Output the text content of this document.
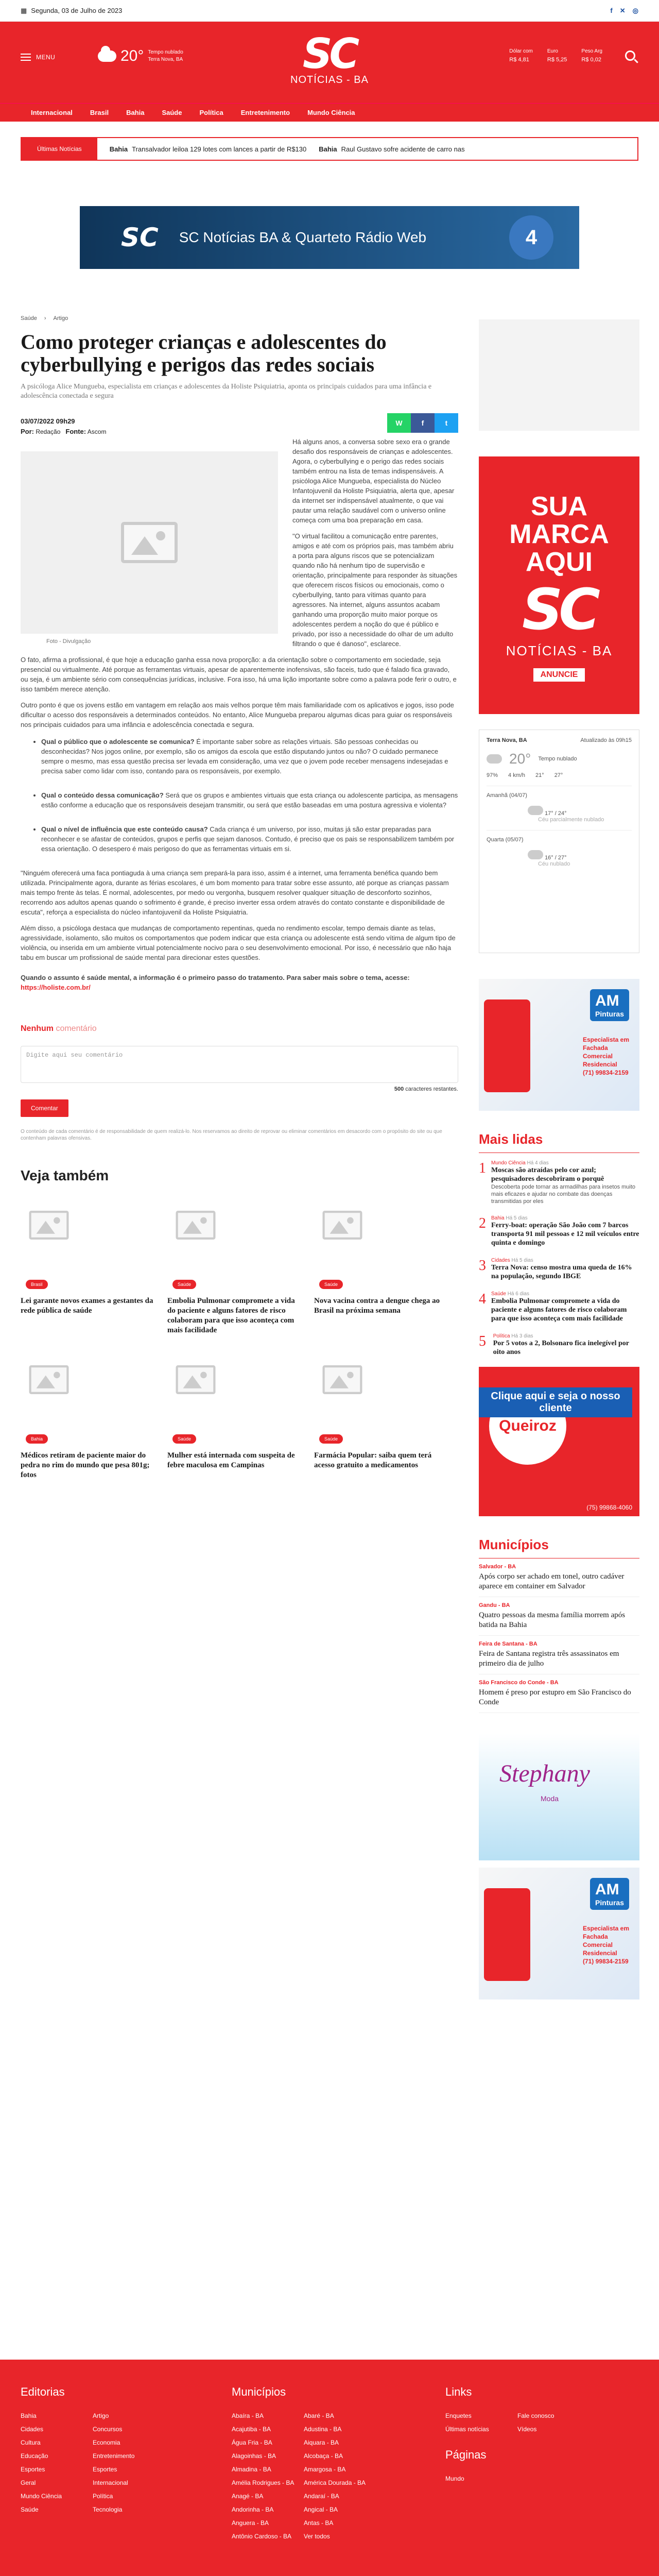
▦ Segunda, 03 de Julho de 2023	f ✕ ◎
MENU	20° Tempo nublado
Terra Nova, BA	SC
NOTÍCIAS - BA
Dólar com
R$ 4,81
Euro
R$ 5,25
Peso Arg
R$ 0,02
Internacional	Brasil	Bahia	Saúde	Política	Entretenimento	Mundo Ciência
Últimas Notícias	Bahia Transalvador leiloa 129 lotes com lances a partir de R$130	Bahia Raul Gustavo sofre acidente de carro nas
SC SC Notícias BA & Quarteto Rádio Web	4
Saúde › Artigo
Como proteger crianças e adolescentes do cyberbullying e perigos das redes sociais

A psicóloga Alice Mungueba, especialista em crianças e adolescentes da Holiste Psiquiatria, aponta os principais cuidados para uma infância e adolescência conectada e segura

03/07/2022 09h29
Por: Redação Fonte: Ascom
W	f	t
Foto - Divulgação

Há alguns anos, a conversa sobre sexo era o grande desafio dos responsáveis de crianças e adolescentes. Agora, o cyberbullying e o perigo das redes sociais também entrou na lista de temas indispensáveis. A psicóloga Alice Mungueba, especialista do Núcleo Infantojuvenil da Holiste Psiquiatria, alerta que, apesar da internet ser indispensável atualmente, o que vai pautar uma relação saudável com o universo online começa com uma boa preparação em casa.

"O virtual facilitou a comunicação entre parentes, amigos e até com os próprios pais, mas também abriu a porta para alguns riscos que se potencializam quando não há nenhum tipo de supervisão e orientação, principalmente para responder às situações que oferecem riscos físicos ou emocionais, como o cyberbullying, tanto para vítimas quanto para agressores. Na internet, alguns assuntos acabam ganhando uma proporção muito maior porque os adolescentes perdem a noção do que é público e privado, por isso a necessidade do olhar de um adulto filtrando o que é danoso", esclarece.

O fato, afirma a profissional, é que hoje a educação ganha essa nova proporção: a da orientação sobre o comportamento em sociedade, seja presencial ou virtualmente. Até porque as ferramentas virtuais, apesar de aparentemente inofensivas, são faceis, tudo que é falado fica gravado, ou seja, é um ambiente sério com consequências jurídicas, inclusive. Fora isso, há uma lição importante sobre como a palavra pode ferir o outro, e isso também merece atenção.

Outro ponto é que os jovens estão em vantagem em relação aos mais velhos porque têm mais familiaridade com os aplicativos e jogos, isso pode dificultar o acesso dos responsáveis a determinados conteúdos. No entanto, Alice Mungueba preparou algumas dicas para guiar os responsáveis nos principais cuidados para uma infância e adolescência conectada e segura.

• Qual o público que o adolescente se comunica? É importante saber sobre as relações virtuais. São pessoas conhecidas ou desconhecidas? Nos jogos online, por exemplo, são os amigos da escola que estão disputando juntos ou não? O cuidado permanece sempre o mesmo, mas essa questão precisa ser levada em consideração, uma vez que o jovem pode receber mensagens indesejadas e precisa saber como lidar com isso, contando para os responsáveis, por exemplo.
• Qual o conteúdo dessa comunicação? Será que os grupos e ambientes virtuais que esta criança ou adolescente participa, as mensagens estão conforme a educação que os responsáveis desejam transmitir, ou será que estão baseadas em uma postura agressiva e violenta?
• Qual o nível de influência que este conteúdo causa? Cada criança é um universo, por isso, muitas já são estar preparadas para reconhecer e se afastar de conteúdos, grupos e perfis que sejam danosos. Contudo, é preciso que os pais se responsabilizem também por essa orientação. O desespero é mais perigoso do que as ferramentas virtuais em si.

"Ninguém oferecerá uma faca pontiaguda à uma criança sem prepará-la para isso, assim é a internet, uma ferramenta benéfica quando bem utilizada. Principalmente agora, durante as férias escolares, é um bom momento para tratar sobre esse assunto, até porque as crianças passam mais tempo frente às telas. É normal, adolescentes, por medo ou vergonha, busquem resolver qualquer situação de desconforto sozinhos, recorrendo aos adultos apenas quando o sofrimento é grande, é preciso inverter essa ordem através do contato constante e disponibilidade de escuta", reforça a especialista do núcleo infantojuvenil da Holiste Psiquiatria.

Além disso, a psicóloga destaca que mudanças de comportamento repentinas, queda no rendimento escolar, tempo demais diante as telas, agressividade, isolamento, são muitos os comportamentos que podem indicar que esta criança ou adolescente está sendo vítima de algum tipo de violência, ou inserida em um ambiente virtual potencialmente nocivo para o seu desenvolvimento emocional. Por isso, é necessário que não haja tabu em buscar um profissional de saúde mental para direcionar estes questões.

Quando o assunto é saúde mental, a informação é o primeiro passo do tratamento. Para saber mais sobre o tema, acesse: https://holiste.com.br/

Nenhum comentário
Digite aqui seu comentário
500 caracteres restantes.
Comentar

O conteúdo de cada comentário é de responsabilidade de quem realizá-lo. Nos reservamos ao direito de reprovar ou eliminar comentários em desacordo com o propósito do site ou que contenham palavras ofensivas.

Veja também
Brasil
Lei garante novos exames a gestantes da rede pública de saúde
Saúde
Embolia Pulmonar compromete a vida do paciente e alguns fatores de risco colaboram para que isso aconteça com mais facilidade
Saúde
Nova vacina contra a dengue chega ao Brasil na próxima semana
Bahia
Médicos retiram de paciente maior do pedra no rim do mundo que pesa 801g; fotos
Saúde
Mulher está internada com suspeita de febre maculosa em Campinas
Saúde
Farmácia Popular: saiba quem terá acesso gratuito a medicamentos
SUA
MARCA
AQUI
SC
NOTÍCIAS - BA
ANUNCIE
Terra Nova, BA	Atualizado às 09h15
20° Tempo nublado
97% 4 km/h 21° 27°
Amanhã (04/07)
17° / 24°
Céu parcialmente nublado
Quarta (05/07)
16° / 27°
Céu nublado
AM
Pinturas
Especialista em
Fachada
Comercial
Residencial
(71) 99834-2159
Mais lidas
1 Mundo Ciência Há 4 dias
Moscas são atraídas pelo cor azul; pesquisadores descobriram o porquê
Descoberta pode tornar as armadilhas para insetos muito mais eficazes e ajudar no combate das doenças transmitidas por eles
2 Bahia Há 5 dias
Ferry-boat: operação São João com 7 barcos transporta 91 mil pessoas e 12 mil veículos entre quinta e domingo
3 Cidades Há 5 dias
Terra Nova: censo mostra uma queda de 16% na população, segundo IBGE
4 Saúde Há 6 dias
Embolia Pulmonar compromete a vida do paciente e alguns fatores de risco colaboram para que isso aconteça com mais facilidade
5	Política Há 3 dias
Por 5 votos a 2, Bolsonaro fica inelegível por oito anos
Queiroz
Clique aqui e seja o nosso cliente
(75) 99868-4060
Municípios
Salvador - BA
Após corpo ser achado em tonel, outro cadáver aparece em container em Salvador
Gandu - BA
Quatro pessoas da mesma família morrem após batida na Bahia
Feira de Santana - BA
Feira de Santana registra três assassinatos em primeiro dia de julho
São Francisco do Conde - BA
Homem é preso por estupro em São Francisco do Conde
Stephany
Moda
AM
Pinturas
Especialista em
Fachada
Comercial
Residencial
(71) 99834-2159
Editorias
Bahia	Artigo
Cidades	Concursos
Cultura	Economia
Educação	Entretenimento
Esportes	Esportes
Geral	Internacional
Mundo Ciência	Política
Saúde	Tecnologia
Municípios
Abaíra - BA	Abaré - BA
Acajutiba - BA	Adustina - BA
Água Fria - BA	Aiquara - BA
Alagoinhas - BA	Alcobaça - BA
Almadina - BA	Amargosa - BA
Amélia Rodrigues - BA	América Dourada - BA
Anagé - BA	Andaraí - BA
Andorinha - BA	Angical - BA
Anguera - BA	Antas - BA
Antônio Cardoso - BA	Ver todos
Links
Enquetes	Fale conosco
Últimas notícias	Vídeos
Páginas
Mundo
